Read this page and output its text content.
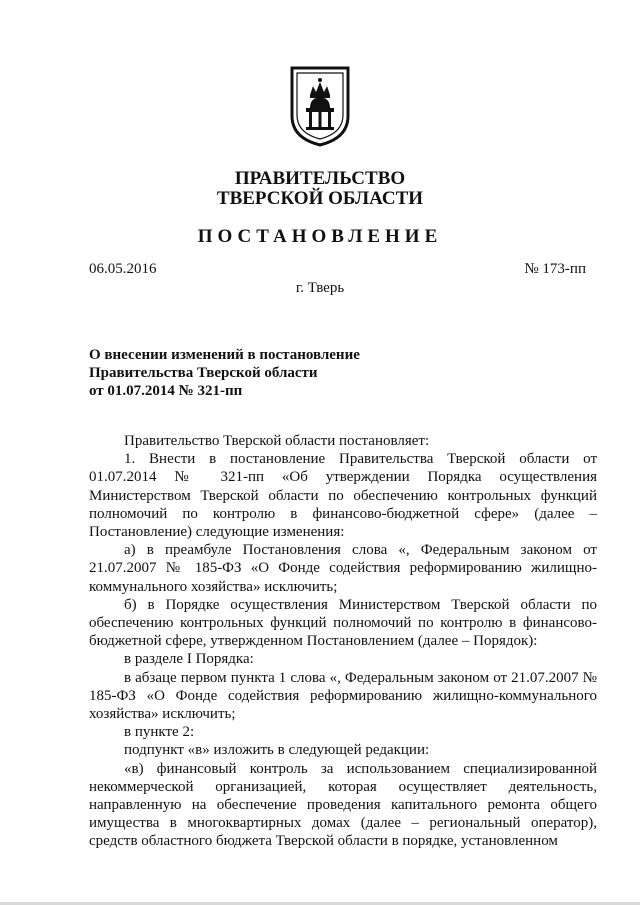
ПРАВИТЕЛЬСТВО
ТВЕРСКОЙ ОБЛАСТИ
ПОСТАНОВЛЕНИЕ
06.05.2016	№ 173-пп
г. Тверь
О внесении изменений в постановление
Правительства Тверской области
от 01.07.2014 № 321-пп

Правительство Тверской области постановляет:

1. Внести в постановление Правительства Тверской области от 01.07.2014 № 321-пп «Об утверждении Порядка осуществления Министерством Тверской области по обеспечению контрольных функций полномочий по контролю в финансово-бюджетной сфере» (далее – Постановление) следующие изменения:

а) в преамбуле Постановления слова «, Федеральным законом от 21.07.2007 № 185-ФЗ «О Фонде содействия реформированию жилищно-коммунального хозяйства» исключить;

б) в Порядке осуществления Министерством Тверской области по обеспечению контрольных функций полномочий по контролю в финансово-бюджетной сфере, утвержденном Постановлением (далее – Порядок):

в разделе I Порядка:

в абзаце первом пункта 1 слова «, Федеральным законом от 21.07.2007 № 185-ФЗ «О Фонде содействия реформированию жилищно-коммунального хозяйства» исключить;

в пункте 2:

подпункт «в» изложить в следующей редакции:

«в) финансовый контроль за использованием специализированной некоммерческой организацией, которая осуществляет деятельность, направленную на обеспечение проведения капитального ремонта общего имущества в многоквартирных домах (далее – региональный оператор), средств областного бюджета Тверской области в порядке, установленном
